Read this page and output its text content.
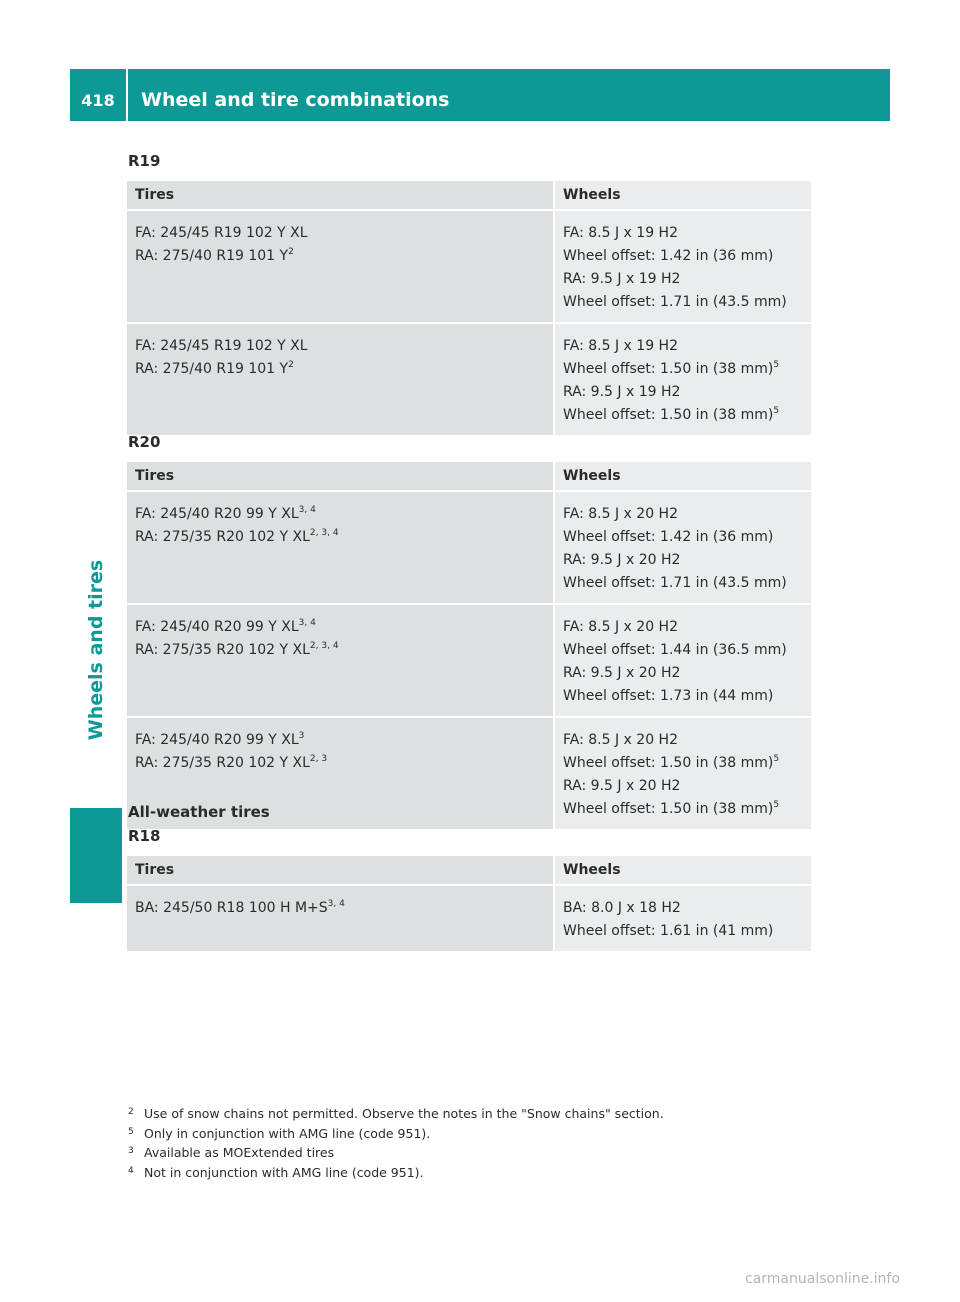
418	Wheel and tire combinations
Wheels and tires
R19
Tires	Wheels

FA: 245/45 R19 102 Y XL
RA: 275/40 R19 101 $Y^2$	FA: 8.5 J x 19 H2
Wheel offset: 1.42 in (36 mm)
RA: 9.5 J x 19 H2
Wheel offset: 1.71 in (43.5 mm)

FA: 245/45 R19 102 Y XL
RA: 275/40 R19 101 $Y^2$	FA: 8.5 J x 19 H2
Wheel offset: 1.50 in (38 mm)$^5$
RA: 9.5 J x 19 H2
Wheel offset: 1.50 in (38 mm)$^5$
R20
Tires	Wheels

FA: 245/40 R20 99 Y XL$^{3, 4}$
RA: 275/35 R20 102 Y XL$^{2, 3, 4}$	FA: 8.5 J x 20 H2
Wheel offset: 1.42 in (36 mm)
RA: 9.5 J x 20 H2
Wheel offset: 1.71 in (43.5 mm)

FA: 245/40 R20 99 Y XL$^{3, 4}$
RA: 275/35 R20 102 Y XL$^{2, 3, 4}$	FA: 8.5 J x 20 H2
Wheel offset: 1.44 in (36.5 mm)
RA: 9.5 J x 20 H2
Wheel offset: 1.73 in (44 mm)

FA: 245/40 R20 99 Y $XL^3$
RA: 275/35 R20 102 Y XL$^{2, 3}$	FA: 8.5 J x 20 H2
Wheel offset: 1.50 in (38 mm)$^5$
RA: 9.5 J x 20 H2
Wheel offset: 1.50 in (38 mm)$^5$
All-weather tires
R18
Tires	Wheels

BA: 245/50 R18 100 H $M+S^{3, 4}$	BA: 8.0 J x 18 H2
Wheel offset: 1.61 in (41 mm)
2 Use of snow chains not permitted. Observe the notes in the "Snow chains" section.
5 Only in conjunction with AMG line (code 951).
3 Available as MOExtended tires
4 Not in conjunction with AMG line (code 951).
carmanualsonline.info
